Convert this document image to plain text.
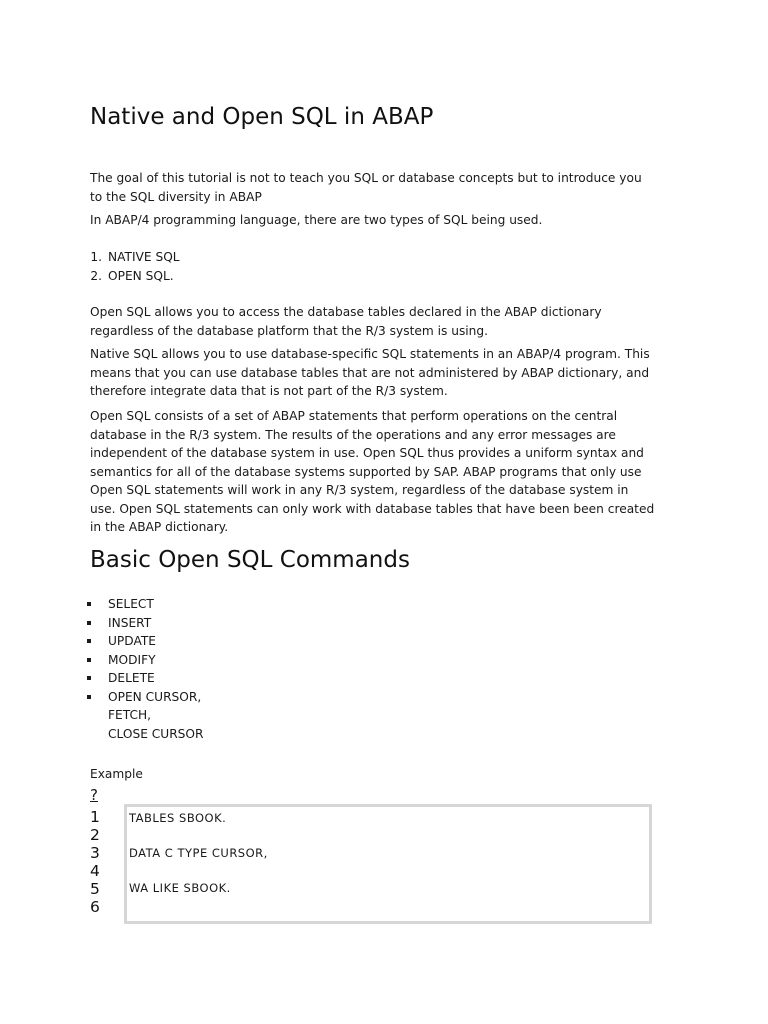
Native and Open SQL in ABAP

The goal of this tutorial is not to teach you SQL or database concepts but to introduce you
to the SQL diversity in ABAP

In ABAP/4 programming language, there are two types of SQL being used.

1. NATIVE SQL
2. OPEN SQL.

Open SQL allows you to access the database tables declared in the ABAP dictionary
regardless of the database platform that the R/3 system is using.

Native SQL allows you to use database-specific SQL statements in an ABAP/4 program. This
means that you can use database tables that are not administered by ABAP dictionary, and
therefore integrate data that is not part of the R/3 system.

Open SQL consists of a set of ABAP statements that perform operations on the central
database in the R/3 system. The results of the operations and any error messages are
independent of the database system in use. Open SQL thus provides a uniform syntax and
semantics for all of the database systems supported by SAP. ABAP programs that only use
Open SQL statements will work in any R/3 system, regardless of the database system in
use. Open SQL statements can only work with database tables that have been been created
in the ABAP dictionary.

Basic Open SQL Commands
SELECT
INSERT
UPDATE
MODIFY
DELETE
OPEN CURSOR,
FETCH,
CLOSE CURSOR
Example
?
1
2
3
4
5
6
TABLES SBOOK.
DATA C TYPE CURSOR,
WA LIKE SBOOK.
